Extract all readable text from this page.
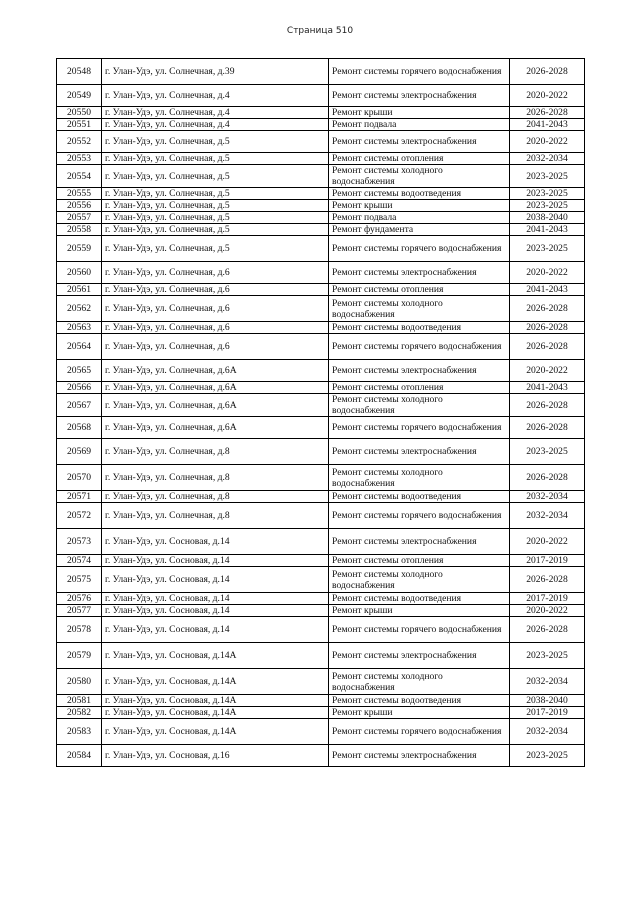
Страница 510
20548	г. Улан-Удэ, ул. Солнечная, д.39	Ремонт системы горячего водоснабжения	2026-2028
20549	г. Улан-Удэ, ул. Солнечная, д.4	Ремонт системы электроснабжения	2020-2022
20550	г. Улан-Удэ, ул. Солнечная, д.4	Ремонт крыши	2026-2028
20551	г. Улан-Удэ, ул. Солнечная, д.4	Ремонт подвала	2041-2043
20552	г. Улан-Удэ, ул. Солнечная, д.5	Ремонт системы электроснабжения	2020-2022
20553	г. Улан-Удэ, ул. Солнечная, д.5	Ремонт системы отопления	2032-2034
20554	г. Улан-Удэ, ул. Солнечная, д.5	Ремонт системы холодного водоснабжения	2023-2025
20555	г. Улан-Удэ, ул. Солнечная, д.5	Ремонт системы водоотведения	2023-2025
20556	г. Улан-Удэ, ул. Солнечная, д.5	Ремонт крыши	2023-2025
20557	г. Улан-Удэ, ул. Солнечная, д.5	Ремонт подвала	2038-2040
20558	г. Улан-Удэ, ул. Солнечная, д.5	Ремонт фундамента	2041-2043
20559	г. Улан-Удэ, ул. Солнечная, д.5	Ремонт системы горячего водоснабжения	2023-2025
20560	г. Улан-Удэ, ул. Солнечная, д.6	Ремонт системы электроснабжения	2020-2022
20561	г. Улан-Удэ, ул. Солнечная, д.6	Ремонт системы отопления	2041-2043
20562	г. Улан-Удэ, ул. Солнечная, д.6	Ремонт системы холодного водоснабжения	2026-2028
20563	г. Улан-Удэ, ул. Солнечная, д.6	Ремонт системы водоотведения	2026-2028
20564	г. Улан-Удэ, ул. Солнечная, д.6	Ремонт системы горячего водоснабжения	2026-2028
20565	г. Улан-Удэ, ул. Солнечная, д.6А	Ремонт системы электроснабжения	2020-2022
20566	г. Улан-Удэ, ул. Солнечная, д.6А	Ремонт системы отопления	2041-2043
20567	г. Улан-Удэ, ул. Солнечная, д.6А	Ремонт системы холодного водоснабжения	2026-2028
20568	г. Улан-Удэ, ул. Солнечная, д.6А	Ремонт системы горячего водоснабжения	2026-2028
20569	г. Улан-Удэ, ул. Солнечная, д.8	Ремонт системы электроснабжения	2023-2025
20570	г. Улан-Удэ, ул. Солнечная, д.8	Ремонт системы холодного водоснабжения	2026-2028
20571	г. Улан-Удэ, ул. Солнечная, д.8	Ремонт системы водоотведения	2032-2034
20572	г. Улан-Удэ, ул. Солнечная, д.8	Ремонт системы горячего водоснабжения	2032-2034
20573	г. Улан-Удэ, ул. Сосновая, д.14	Ремонт системы электроснабжения	2020-2022
20574	г. Улан-Удэ, ул. Сосновая, д.14	Ремонт системы отопления	2017-2019
20575	г. Улан-Удэ, ул. Сосновая, д.14	Ремонт системы холодного водоснабжения	2026-2028
20576	г. Улан-Удэ, ул. Сосновая, д.14	Ремонт системы водоотведения	2017-2019
20577	г. Улан-Удэ, ул. Сосновая, д.14	Ремонт крыши	2020-2022
20578	г. Улан-Удэ, ул. Сосновая, д.14	Ремонт системы горячего водоснабжения	2026-2028
20579	г. Улан-Удэ, ул. Сосновая, д.14А	Ремонт системы электроснабжения	2023-2025
20580	г. Улан-Удэ, ул. Сосновая, д.14А	Ремонт системы холодного водоснабжения	2032-2034
20581	г. Улан-Удэ, ул. Сосновая, д.14А	Ремонт системы водоотведения	2038-2040
20582	г. Улан-Удэ, ул. Сосновая, д.14А	Ремонт крыши	2017-2019
20583	г. Улан-Удэ, ул. Сосновая, д.14А	Ремонт системы горячего водоснабжения	2032-2034
20584	г. Улан-Удэ, ул. Сосновая, д.16	Ремонт системы электроснабжения	2023-2025
